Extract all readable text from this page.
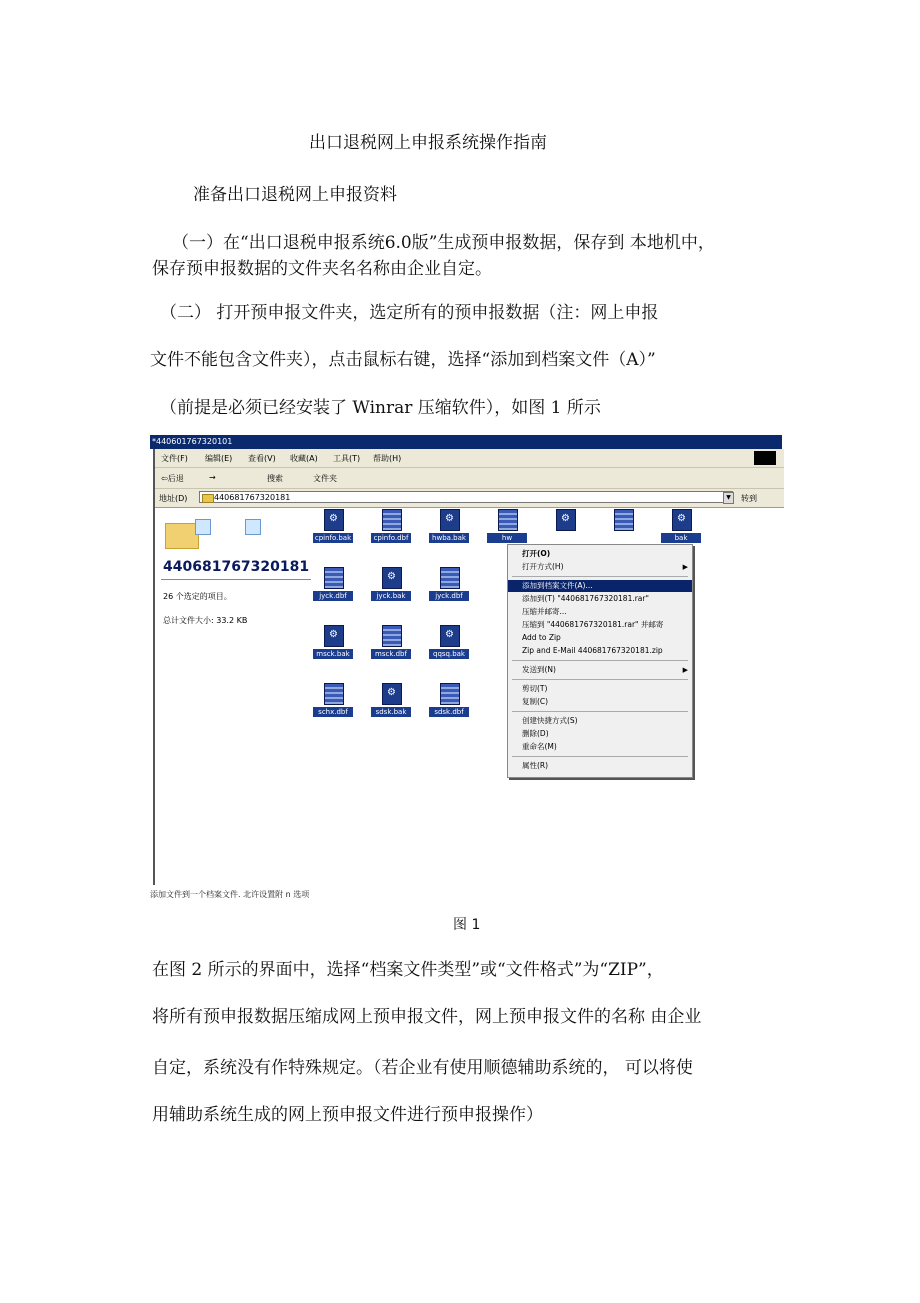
出口退税网上申报系统操作指南
准备出口退税网上申报资料
（一）在“出口退税申报系统6.0版”生成预申报数据，保存到 本地机中，
保存预申报数据的文件夹名名称由企业自定。
（二） 打开预申报文件夹，选定所有的预申报数据（注：网上申报
文件不能包含文件夹），点击鼠标右键，选择“添加到档案文件（A）”
（前提是必须已经安装了 Winrar 压缩软件），如图 1 所示
*440601767320101
文件(F) 编辑(E) 查看(V) 收藏(A) 工具(T) 帮助(H)
⇦后退	→	搜索	文件夹
地址(D)	440681767320181	▼	转到
440681767320181
26 个选定的项目。
总计文件大小: 33.2 KB
⚙
cpinfo.bak	cpinfo.dbf
⚙	hwba.bak	hw
⚙
⚙	bak
jyck.dbf
⚙	jyck.bak	jyck.dbf
⚙
msck.bak	msck.dbf
⚙	qqsq.bak
schx.dbf
⚙	sdsk.bak	sdsk.dbf
打开(O)
打开方式(H)	▶
添加到档案文件(A)...
添加到(T) "440681767320181.rar"
压缩并邮寄...
压缩到 "440681767320181.rar" 并邮寄
Add to Zip
Zip and E-Mail 440681767320181.zip
发送到(N)	▶
剪切(T)
复制(C)
创建快捷方式(S)
删除(D)
重命名(M)
属性(R)
添加文件到一个档案文件. 北许设置附 n 选项
图 1
在图 2 所示的界面中，选择“档案文件类型”或“文件格式”为“ZIP”，
将所有预申报数据压缩成网上预申报文件，网上预申报文件的名称 由企业
自定，系统没有作特殊规定。（若企业有使用顺德辅助系统的， 可以将使
用辅助系统生成的网上预申报文件进行预申报操作）
